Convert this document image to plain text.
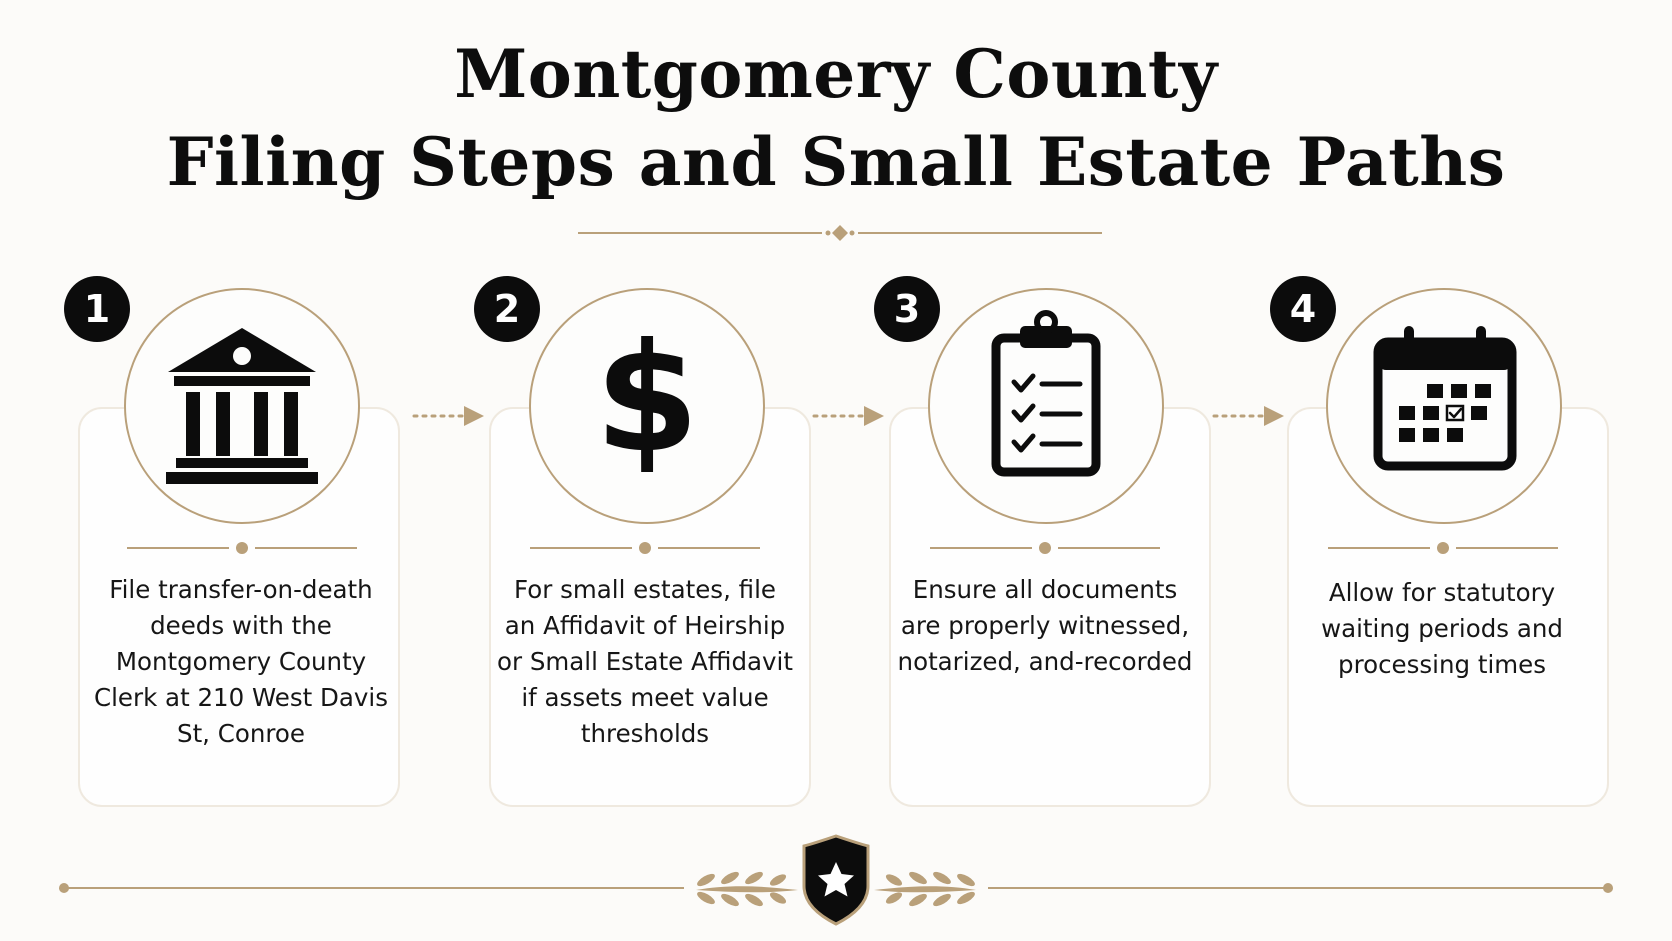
Montgomery County
Filing Steps and Small Estate Paths
1
File transfer-on-death deeds with the Montgomery County Clerk at 210 West Davis St, Conroe
$
2
For small estates, file an Affidavit of Heirship or Small Estate Affidavit if assets meet value thresholds
3
Ensure all documents are properly witnessed, notarized, and-recorded
4
Allow for statutory waiting periods and processing times
